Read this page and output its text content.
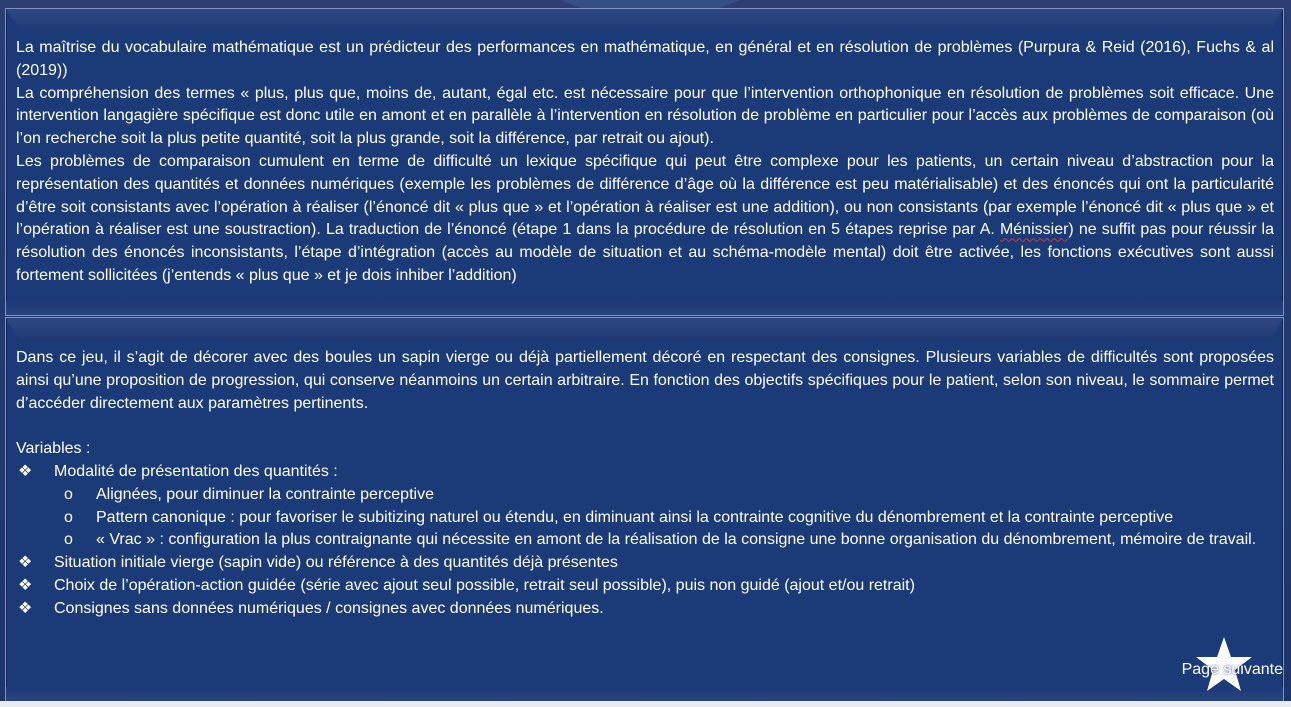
La maîtrise du vocabulaire mathématique est un prédicteur des performances en mathématique, en général et en résolution de problèmes (Purpura & Reid (2016), Fuchs & al (2019))

La compréhension des termes « plus, plus que, moins de, autant, égal etc. est nécessaire pour que l’intervention orthophonique en résolution de problèmes soit efficace. Une intervention langagière spécifique est donc utile en amont et en parallèle à l’intervention en résolution de problème en particulier pour l’accès aux problèmes de comparaison (où l’on recherche soit la plus petite quantité, soit la plus grande, soit la différence, par retrait ou ajout).

Les problèmes de comparaison cumulent en terme de difficulté un lexique spécifique qui peut être complexe pour les patients, un certain niveau d’abstraction pour la représentation des quantités et données numériques (exemple les problèmes de différence d’âge où la différence est peu matérialisable) et des énoncés qui ont la particularité d’être soit consistants avec l’opération à réaliser (l’énoncé dit « plus que » et l’opération à réaliser est une addition), ou non consistants (par exemple l’énoncé dit « plus que » et l’opération à réaliser est une soustraction). La traduction de l’énoncé (étape 1 dans la procédure de résolution en 5 étapes reprise par A. Ménissier) ne suffit pas pour réussir la résolution des énoncés inconsistants, l’étape d’intégration (accès au modèle de situation et au schéma-modèle mental) doit être activée, les fonctions exécutives sont aussi fortement sollicitées (j’entends « plus que » et je dois inhiber l’addition)

Dans ce jeu, il s’agit de décorer avec des boules un sapin vierge ou déjà partiellement décoré en respectant des consignes. Plusieurs variables de difficultés sont proposées ainsi qu’une proposition de progression, qui conserve néanmoins un certain arbitraire. En fonction des objectifs spécifiques pour le patient, selon son niveau, le sommaire permet d’accéder directement aux paramètres pertinents.

Variables :

❖	Modalité de présentation des quantités :
o	Alignées, pour diminuer la contrainte perceptive
o	Pattern canonique : pour favoriser le subitizing naturel ou étendu, en diminuant ainsi la contrainte cognitive du dénombrement et la contrainte perceptive
o	« Vrac » : configuration la plus contraignante qui nécessite en amont de la réalisation de la consigne une bonne organisation du dénombrement, mémoire de travail.
❖	Situation initiale vierge (sapin vide) ou référence à des quantités déjà présentes
❖	Choix de l’opération-action guidée (série avec ajout seul possible, retrait seul possible), puis non guidé (ajout et/ou retrait)
❖	Consignes sans données numériques / consignes avec données numériques.
Page suivante
